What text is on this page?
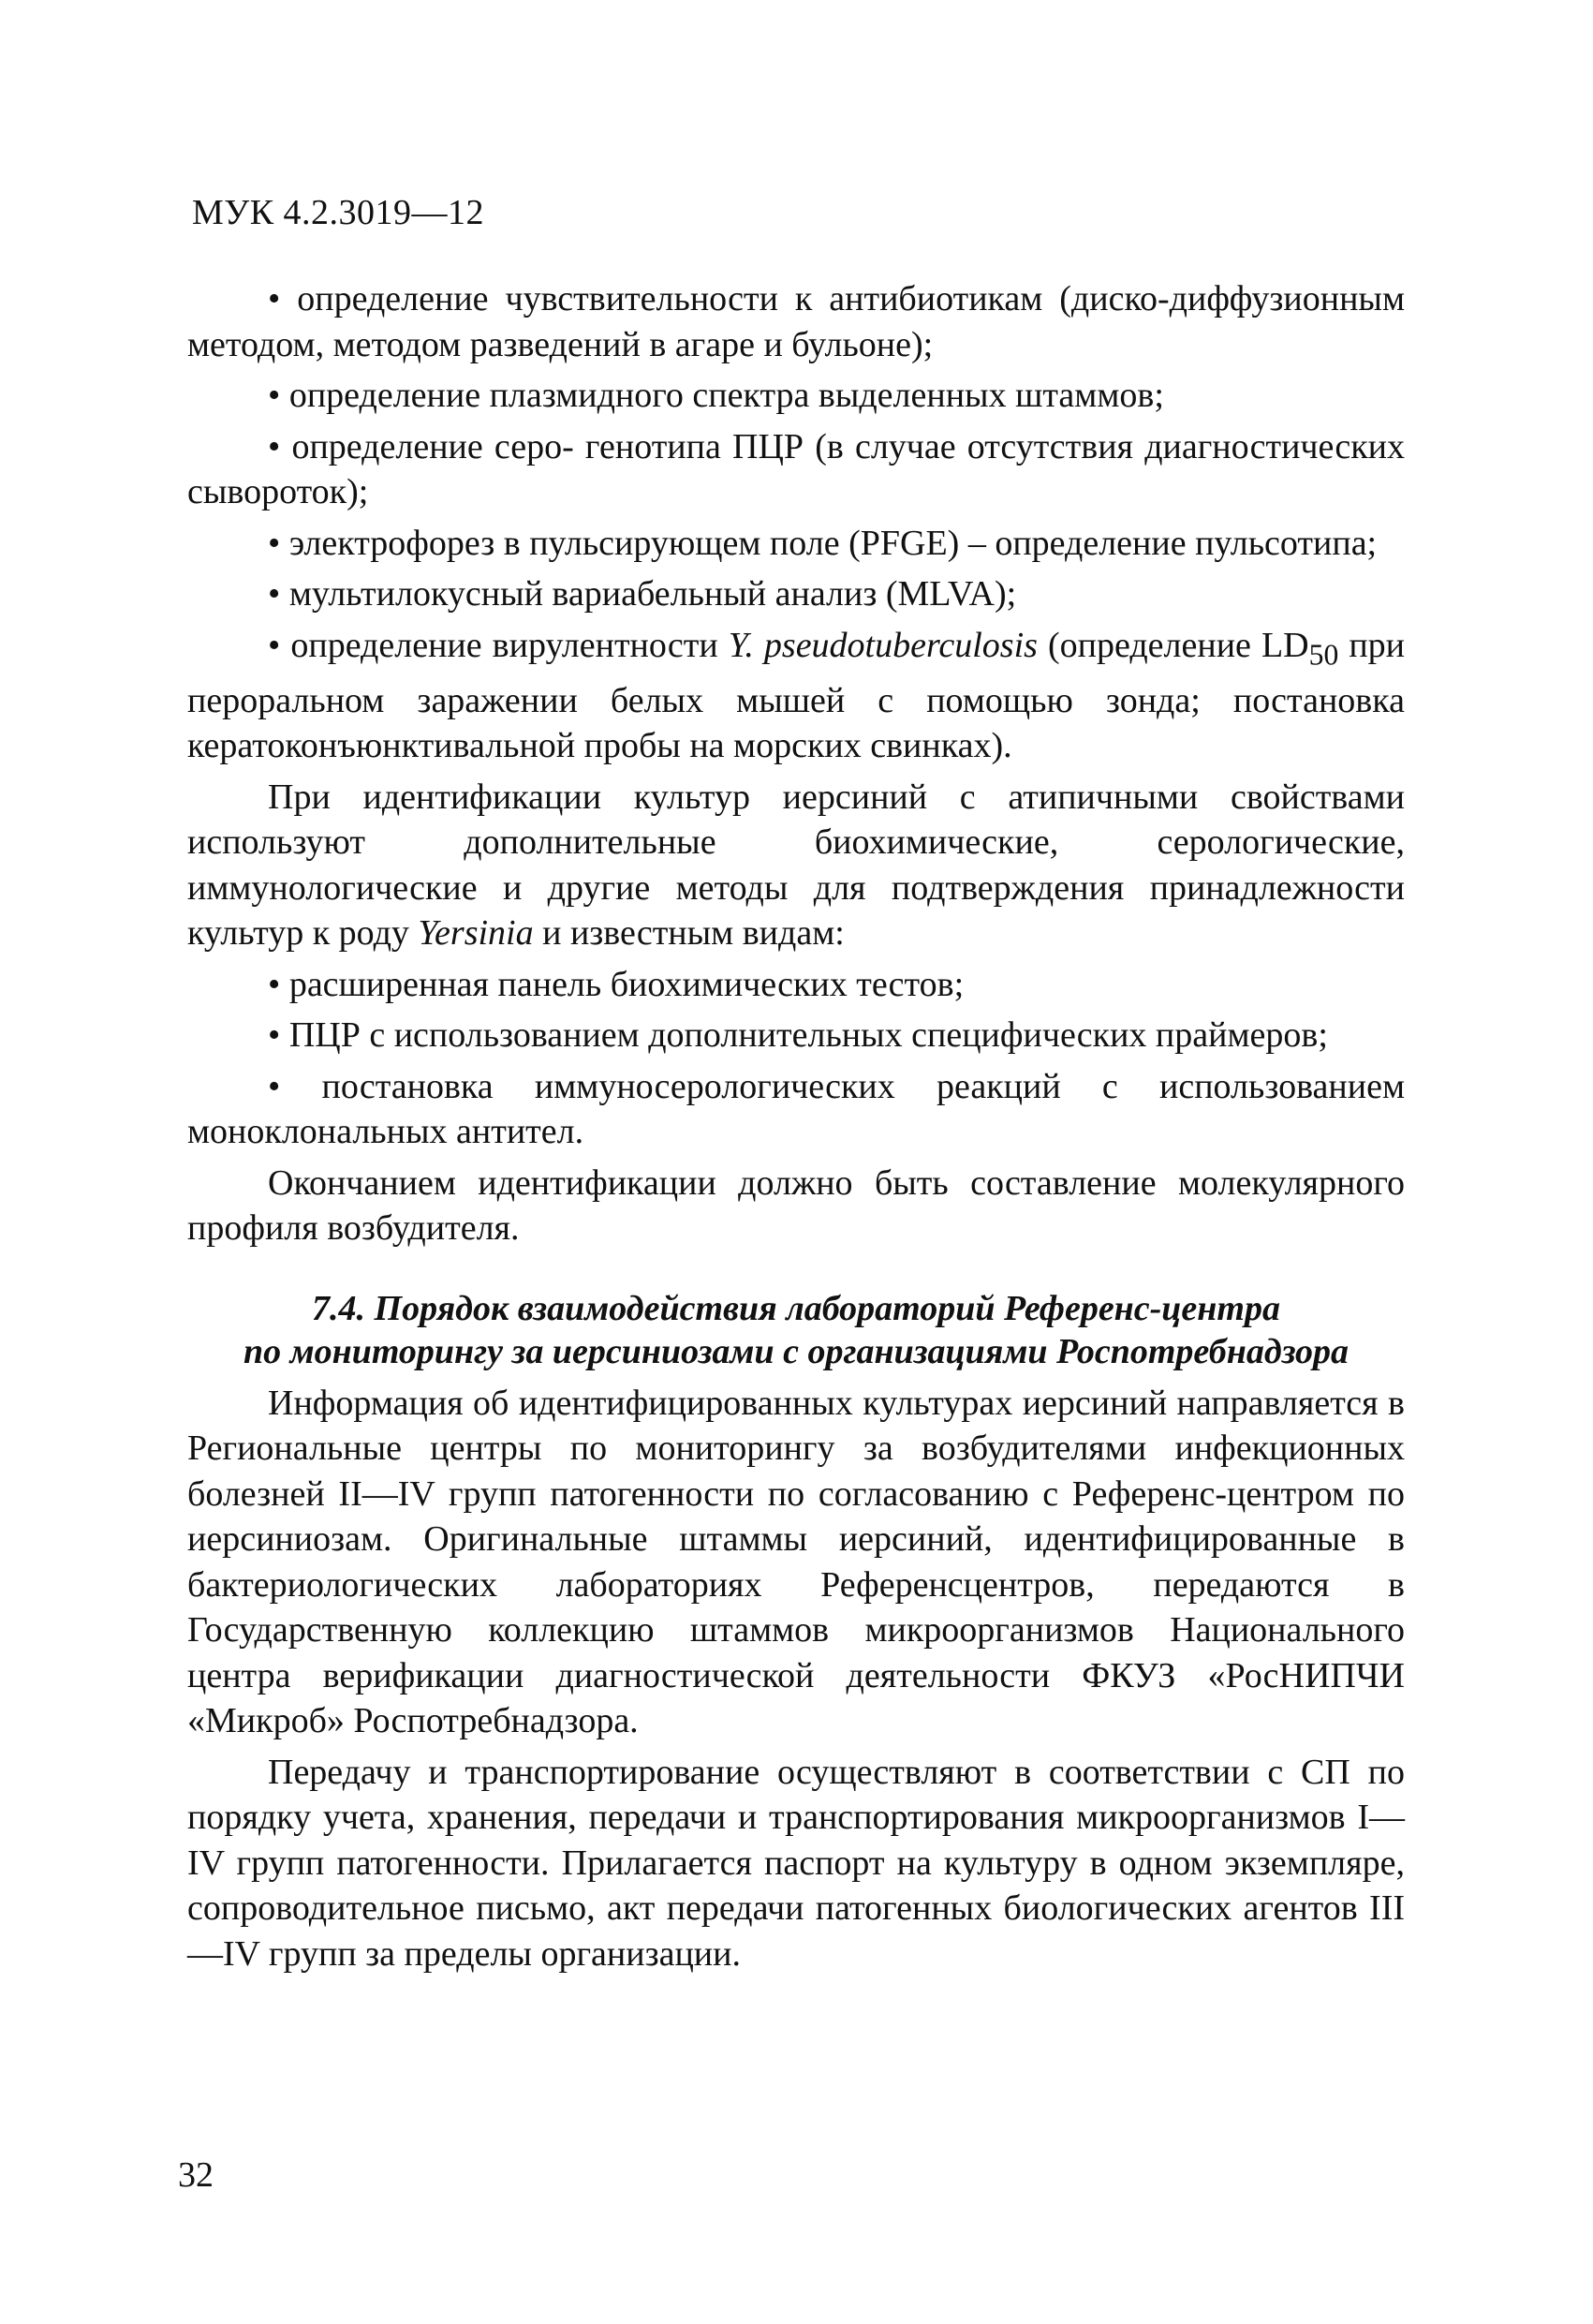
МУК 4.2.3019—12

• определение чувствительности к антибиотикам (диско-диффузионным методом, методом разведений в агаре и бульоне);

• определение плазмидного спектра выделенных штаммов;

• определение серо- генотипа ПЦР (в случае отсутствия диагностических сывороток);

• электрофорез в пульсирующем поле (PFGE) – определение пульсотипа;

• мультилокусный вариабельный анализ (MLVA);

• определение вирулентности Y. pseudotuberculosis (определение $LD_{50}$ при пероральном заражении белых мышей с помощью зонда; постановка кератоконъюнктивальной пробы на морских свинках).

При идентификации культур иерсиний с атипичными свойствами используют дополнительные биохимические, серологические, иммунологические и другие методы для подтверждения принадлежности культур к роду Yersinia и известным видам:

• расширенная панель биохимических тестов;

• ПЦР с использованием дополнительных специфических праймеров;

• постановка иммуносерологических реакций с использованием моноклональных антител.

Окончанием идентификации должно быть составление молекулярного профиля возбудителя.

7.4. Порядок взаимодействия лабораторий Референс-центра
по мониторингу за иерсиниозами с организациями Роспотребнадзора

Информация об идентифицированных культурах иерсиний направляется в Региональные центры по мониторингу за возбудителями инфекционных болезней II—IV групп патогенности по согласованию с Референс-центром по иерсиниозам. Оригинальные штаммы иерсиний, идентифицированные в бактериологических лабораториях Референсцентров, передаются в Государственную коллекцию штаммов микроорганизмов Национального центра верификации диагностической деятельности ФКУЗ «РосНИПЧИ «Микроб» Роспотребнадзора.

Передачу и транспортирование осуществляют в соответствии с СП по порядку учета, хранения, передачи и транспортирования микроорганизмов I—IV групп патогенности. Прилагается паспорт на культуру в одном экземпляре, сопроводительное письмо, акт передачи патогенных биологических агентов III—IV групп за пределы организации.

32
